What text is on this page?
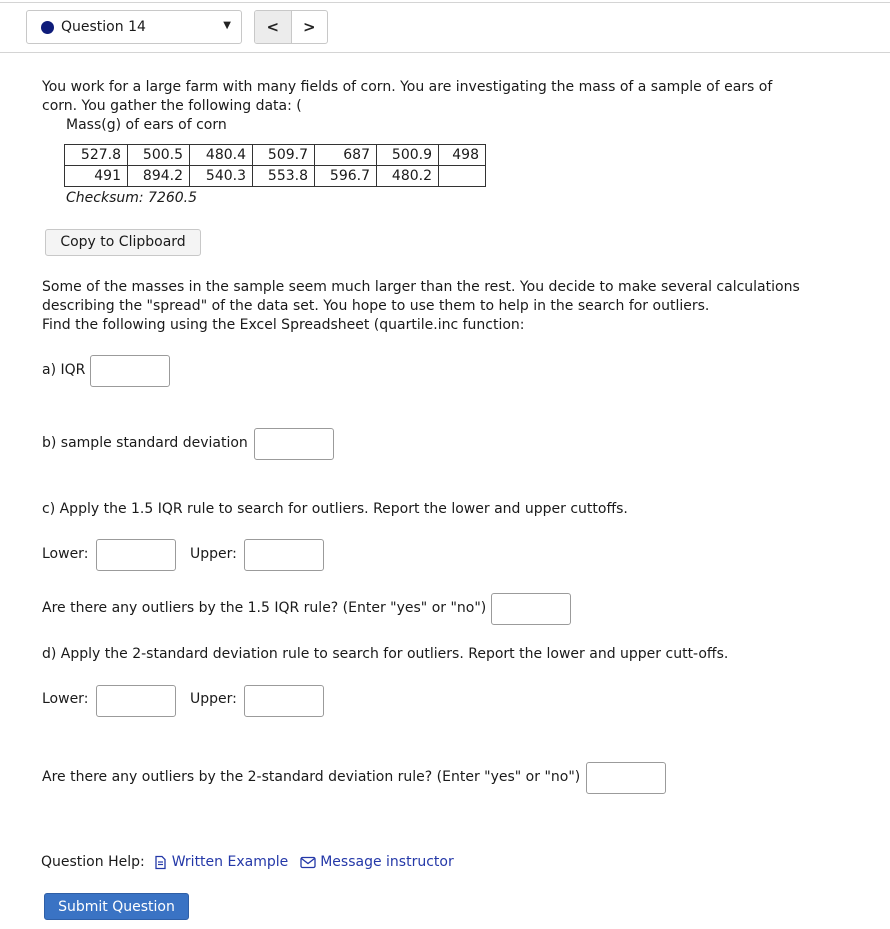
Question 14	▼	<	>

You work for a large farm with many fields of corn. You are investigating the mass of a sample of ears of

corn. You gather the following data: (

Mass(g) of ears of corn
527.8	500.5	480.4	509.7	687	500.9	498
491	894.2	540.3	553.8	596.7	480.2	
Checksum: 7260.5
Copy to Clipboard

Some of the masses in the sample seem much larger than the rest. You decide to make several calculations

describing the "spread" of the data set. You hope to use them to help in the search for outliers.

Find the following using the Excel Spreadsheet (quartile.inc function:

a) IQR
b) sample standard deviation
c) Apply the 1.5 IQR rule to search for outliers. Report the lower and upper cuttoffs.
Lower:	Upper:
Are there any outliers by the 1.5 IQR rule? (Enter "yes" or "no")
d) Apply the 2-standard deviation rule to search for outliers. Report the lower and upper cutt-offs.
Lower:	Upper:
Are there any outliers by the 2-standard deviation rule? (Enter "yes" or "no")
Question Help: Written Example Message instructor
Submit Question
